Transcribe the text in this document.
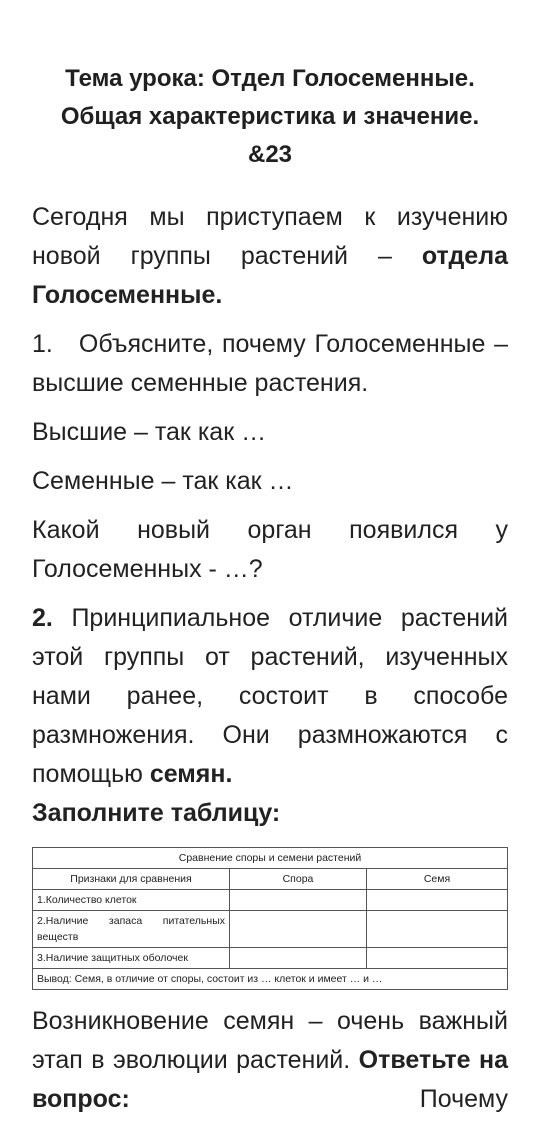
Тема урока: Отдел Голосеменные.
Общая характеристика и значение.
&23

Сегодня мы приступаем к изучению новой группы растений – отдела Голосеменные.

1.   Объясните, почему Голосеменные – высшие семенные растения.

Высшие – так как …

Семенные – так как …

Какой новый орган появился у Голосеменных - …?

2. Принципиальное отличие растений этой группы от растений, изученных нами ранее, состоит в способе размножения. Они размножаются с помощью семян.
Заполните таблицу:

Сравнение споры и семени растений		
Признаки для сравнения	Спора	Семя
1.Количество клеток		
2.Наличие запаса питательных веществ		
3.Наличие защитных оболочек		
Вывод: Семя, в отличие от споры, состоит из … клеток и имеет … и …		

Возникновение семян – очень важный этап в эволюции растений. Ответьте на вопрос: Почему
